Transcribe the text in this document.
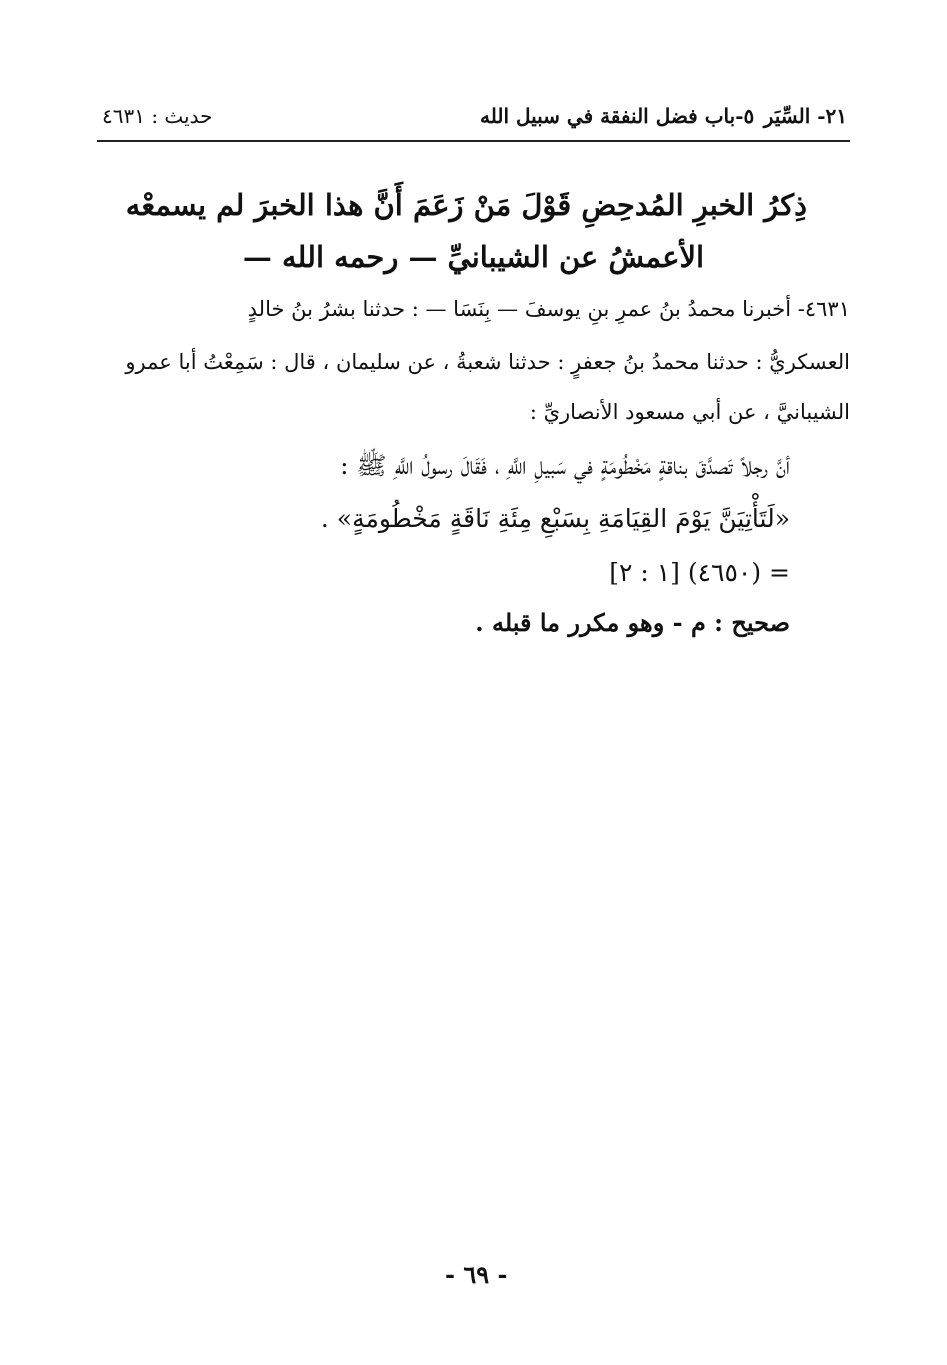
٢١- السِّيَر
٥-باب فضل النفقة في سبيل الله
حديث : ٤٦٣١
ذِكرُ الخبرِ المُدحِضِ قَوْلَ مَنْ زَعَمَ أَنَّ هذا الخبرَ لم يسمعْه
الأعمشُ عن الشيبانيِّ — رحمه الله —
٤٦٣١- أخبرنا محمدُ بنُ عمرِ بنِ يوسفَ — بِنَسَا — : حدثنا بشرُ بنُ خالدٍ
العسكريُّ : حدثنا محمدُ بنُ جعفرٍ : حدثنا شعبةُ ، عن سليمان ، قال : سَمِعْتُ أبا عمرو
الشيبانيَّ ، عن أبي مسعود الأنصاريِّ :
أنَّ رجلاً تَصدَّقَ بناقةٍ مَخْطُومَةٍ في سَبيلِ اللَّهِ ، فَقَالَ رسولُ اللَّهِ ﷺ :
«لَتَأْتِيَنَّ يَوْمَ القِيَامَةِ بِسَبْعِ مِئَةِ نَاقَةٍ مَخْطُومَةٍ» .
= (٤٦٥٠) [١ : ٢]
صحيح : م - وهو مكرر ما قبله .
- ٦٩ -
